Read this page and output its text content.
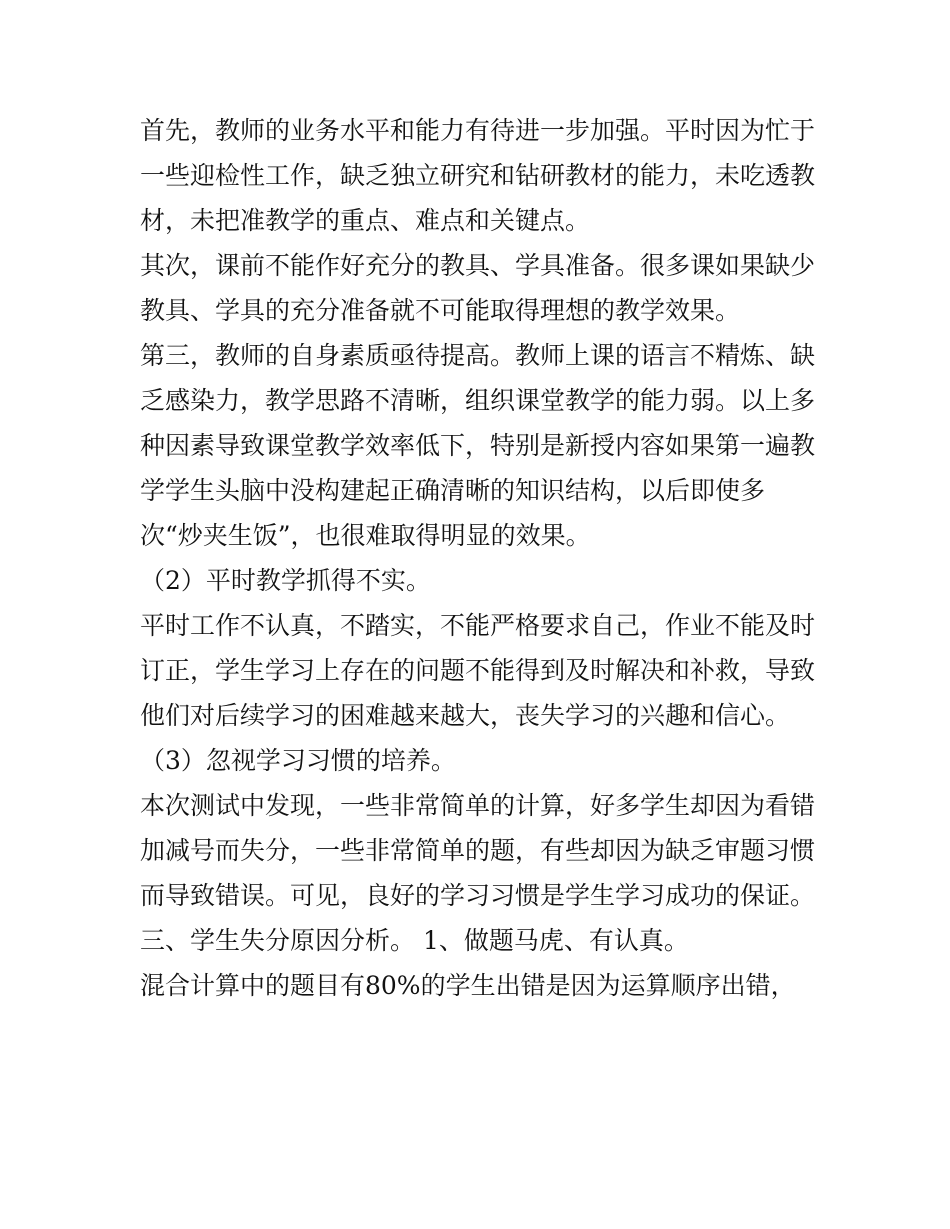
首先，教师的业务水平和能力有待进一步加强。平时因为忙于
一些迎检性工作，缺乏独立研究和钻研教材的能力，未吃透教
材，未把准教学的重点、难点和关键点。
其次，课前不能作好充分的教具、学具准备。很多课如果缺少
教具、学具的充分准备就不可能取得理想的教学效果。
第三，教师的自身素质亟待提高。教师上课的语言不精炼、缺
乏感染力，教学思路不清晰，组织课堂教学的能力弱。以上多
种因素导致课堂教学效率低下，特别是新授内容如果第一遍教
学学生头脑中没构建起正确清晰的知识结构，以后即使多
次“炒夹生饭”，也很难取得明显的效果。
（2）平时教学抓得不实。
平时工作不认真，不踏实，不能严格要求自己，作业不能及时
订正，学生学习上存在的问题不能得到及时解决和补救，导致
他们对后续学习的困难越来越大，丧失学习的兴趣和信心。
（3）忽视学习习惯的培养。
本次测试中发现，一些非常简单的计算，好多学生却因为看错
加减号而失分，一些非常简单的题，有些却因为缺乏审题习惯
而导致错误。可见，良好的学习习惯是学生学习成功的保证。
三、学生失分原因分析。 1、做题马虎、有认真。
混合计算中的题目有80%的学生出错是因为运算顺序出错，
